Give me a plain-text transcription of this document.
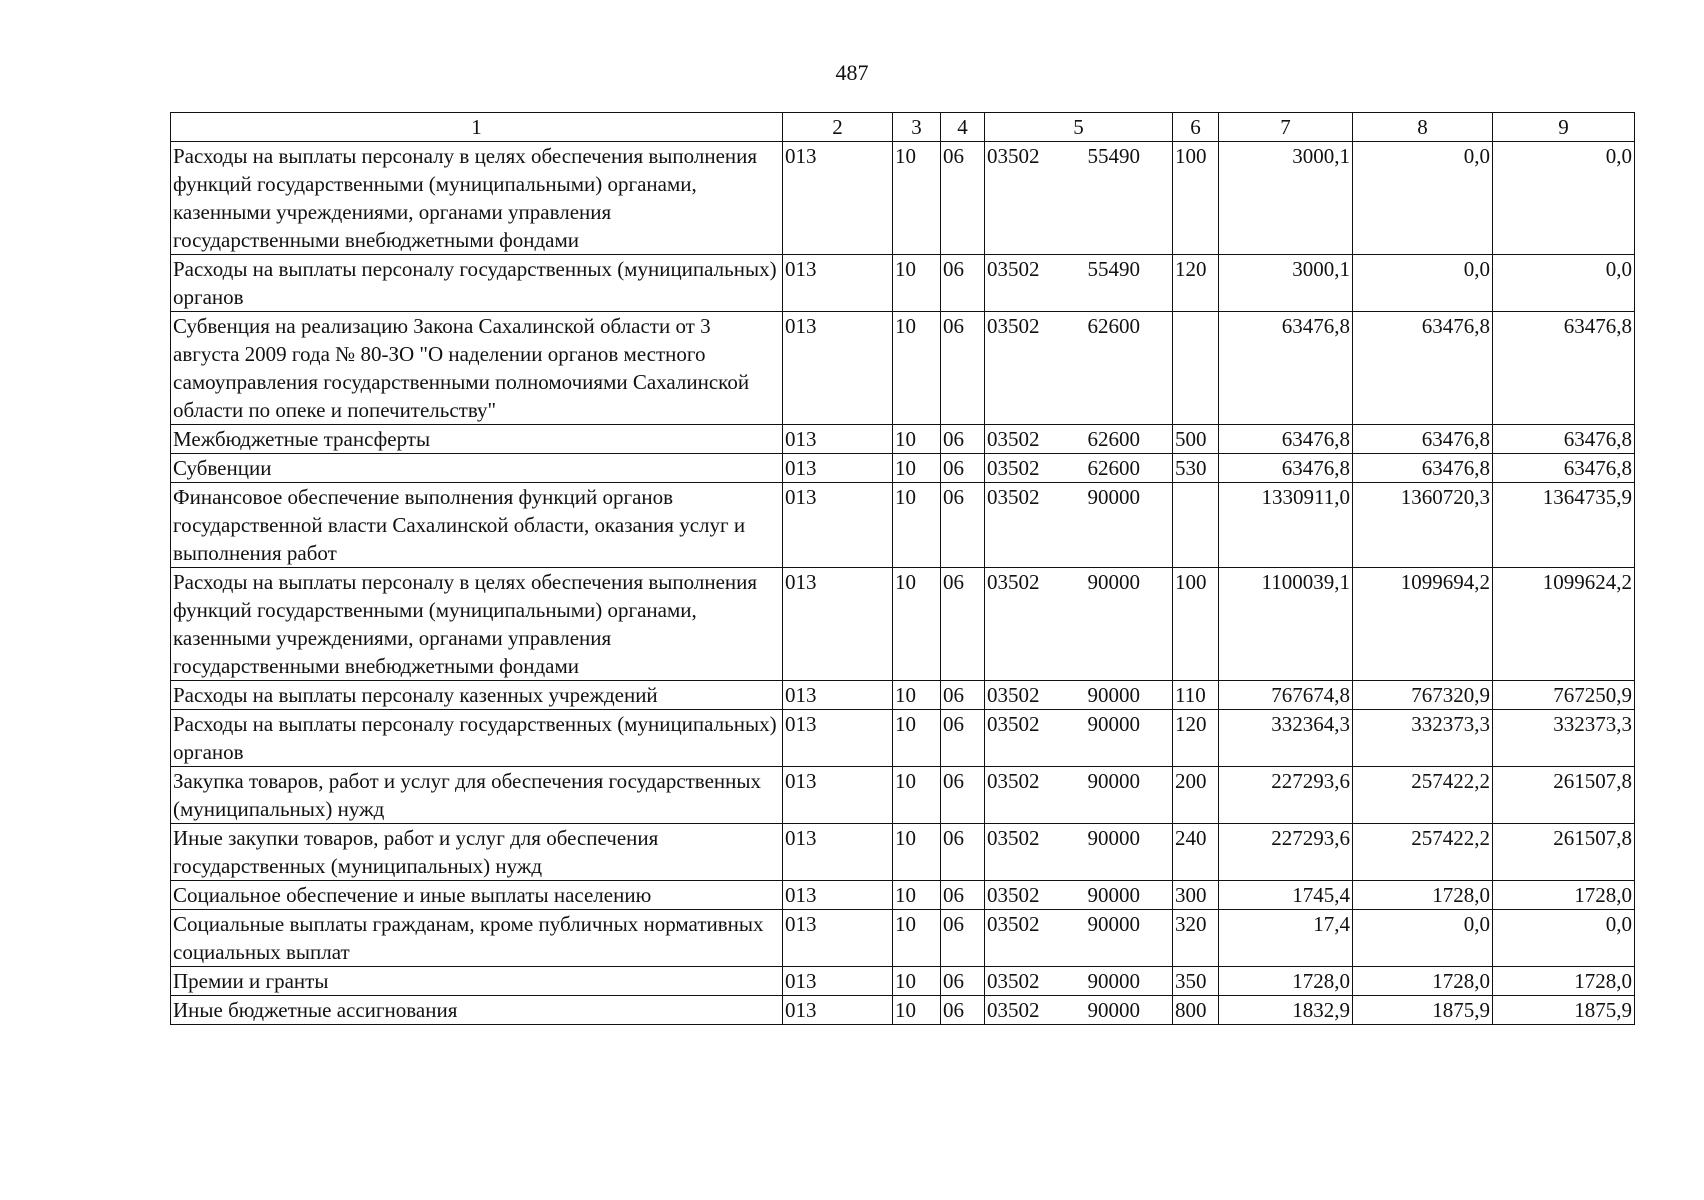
487
1	2	3	4	5	6	7	8	9
Расходы на выплаты персоналу в целях обеспечения выполнения функций государственными (муниципальными) органами, казенными учреждениями, органами управления государственными внебюджетными фондами	013	10	06	03502 55490	100	3000,1	0,0	0,0
Расходы на выплаты персоналу государственных (муниципальных) органов	013	10	06	03502 55490	120	3000,1	0,0	0,0
Субвенция на реализацию Закона Сахалинской области от 3 августа 2009 года № 80-ЗО "О наделении органов местного самоуправления государственными полномочиями Сахалинской области по опеке и попечительству"	013	10	06	03502 62600		63476,8	63476,8	63476,8
Межбюджетные трансферты	013	10	06	03502 62600	500	63476,8	63476,8	63476,8
Субвенции	013	10	06	03502 62600	530	63476,8	63476,8	63476,8
Финансовое обеспечение выполнения функций органов государственной власти Сахалинской области, оказания услуг и выполнения работ	013	10	06	03502 90000		1330911,0	1360720,3	1364735,9
Расходы на выплаты персоналу в целях обеспечения выполнения функций государственными (муниципальными) органами, казенными учреждениями, органами управления государственными внебюджетными фондами	013	10	06	03502 90000	100	1100039,1	1099694,2	1099624,2
Расходы на выплаты персоналу казенных учреждений	013	10	06	03502 90000	110	767674,8	767320,9	767250,9
Расходы на выплаты персоналу государственных (муниципальных) органов	013	10	06	03502 90000	120	332364,3	332373,3	332373,3
Закупка товаров, работ и услуг для обеспечения государственных (муниципальных) нужд	013	10	06	03502 90000	200	227293,6	257422,2	261507,8
Иные закупки товаров, работ и услуг для обеспечения государственных (муниципальных) нужд	013	10	06	03502 90000	240	227293,6	257422,2	261507,8
Социальное обеспечение и иные выплаты населению	013	10	06	03502 90000	300	1745,4	1728,0	1728,0
Социальные выплаты гражданам, кроме публичных нормативных социальных выплат	013	10	06	03502 90000	320	17,4	0,0	0,0
Премии и гранты	013	10	06	03502 90000	350	1728,0	1728,0	1728,0
Иные бюджетные ассигнования	013	10	06	03502 90000	800	1832,9	1875,9	1875,9
